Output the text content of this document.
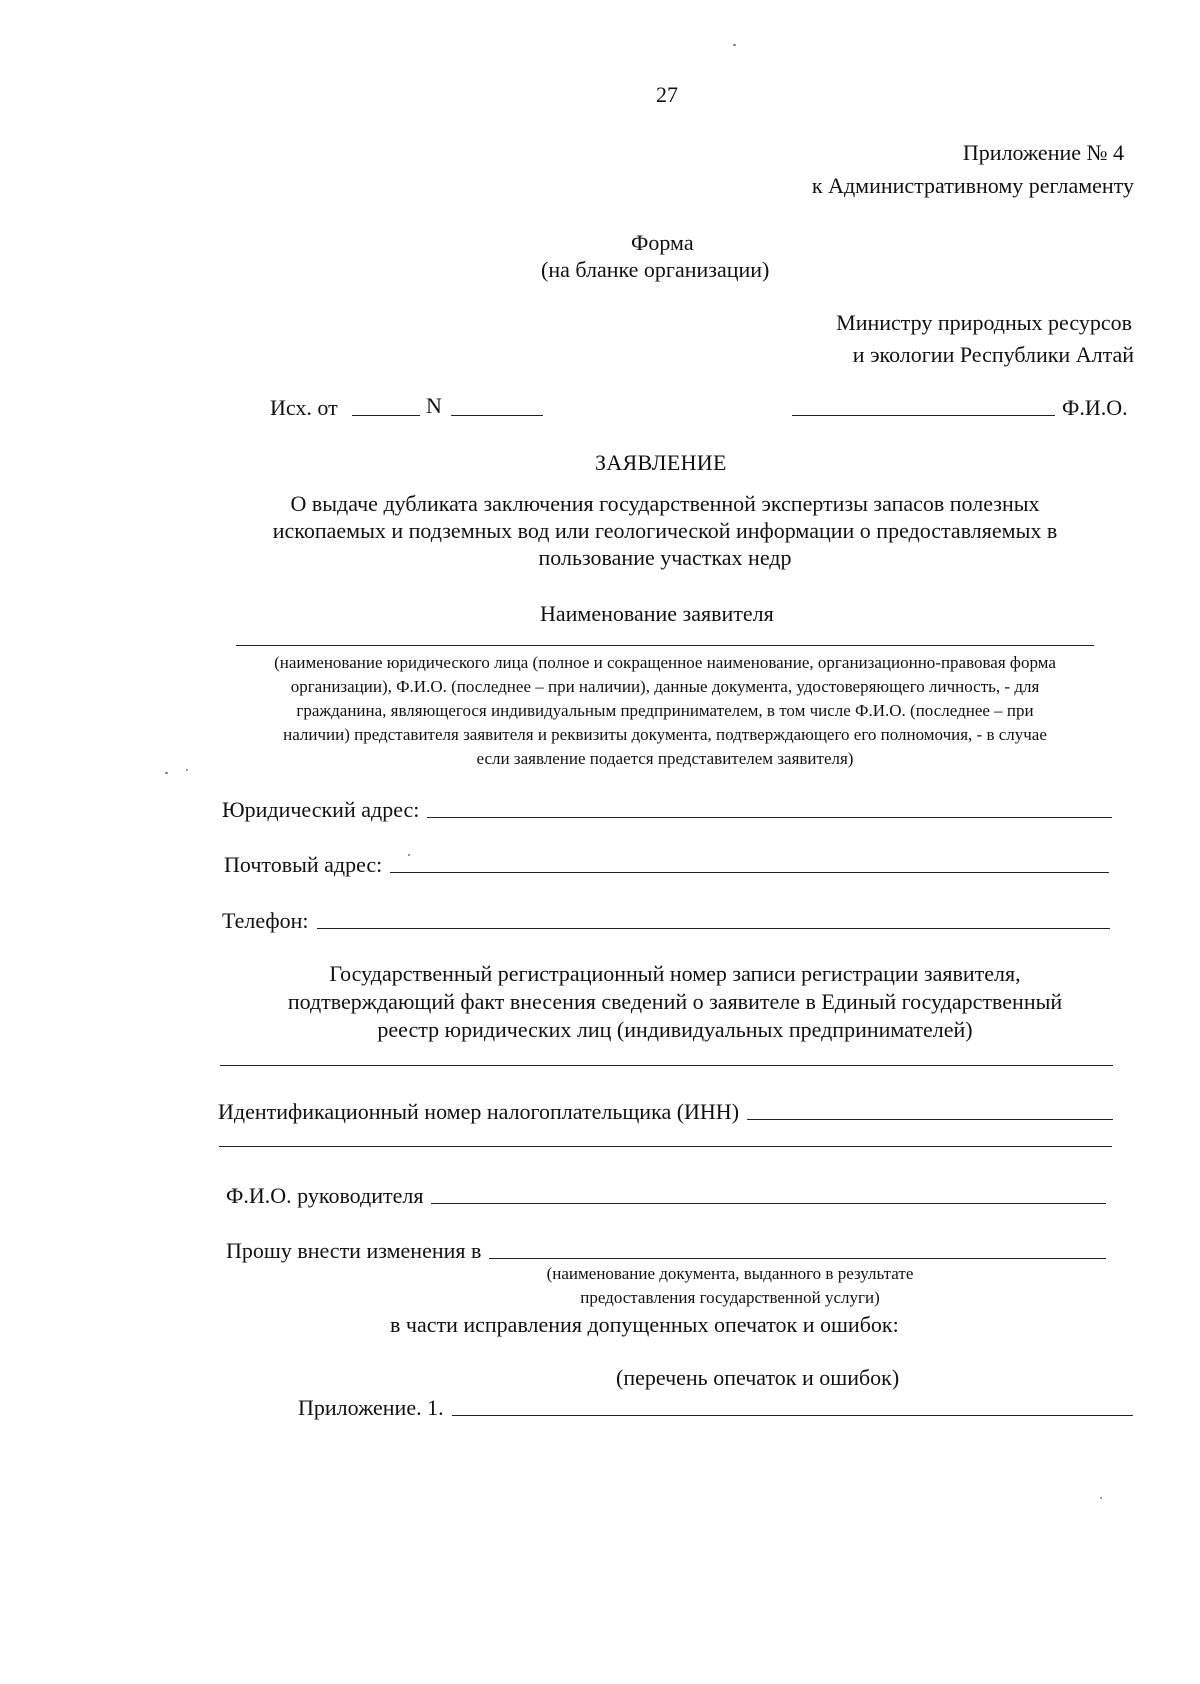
27
Приложение № 4
к Административному регламенту
Форма
(на бланке организации)
Министру природных ресурсов
и экологии Республики Алтай
Исх. от	N	Ф.И.О.
ЗАЯВЛЕНИЕ
О выдаче дубликата заключения государственной экспертизы запасов полезных
ископаемых и подземных вод или геологической информации о предоставляемых в
пользование участках недр
Наименование заявителя
(наименование юридического лица (полное и сокращенное наименование, организационно-правовая форма
организации), Ф.И.О. (последнее – при наличии), данные документа, удостоверяющего личность, - для
гражданина, являющегося индивидуальным предпринимателем, в том числе Ф.И.О. (последнее – при
наличии) представителя заявителя и реквизиты документа, подтверждающего его полномочия, - в случае
если заявление подается представителем заявителя)
Юридический адрес:
Почтовый адрес:
Телефон:
Государственный регистрационный номер записи регистрации заявителя,
подтверждающий факт внесения сведений о заявителе в Единый государственный
реестр юридических лиц (индивидуальных предпринимателей)
Идентификационный номер налогоплательщика (ИНН)
Ф.И.О. руководителя
Прошу внести изменения в
(наименование документа, выданного в результате
предоставления государственной услуги)
в части исправления допущенных опечаток и ошибок:
(перечень опечаток и ошибок)
Приложение. 1.
